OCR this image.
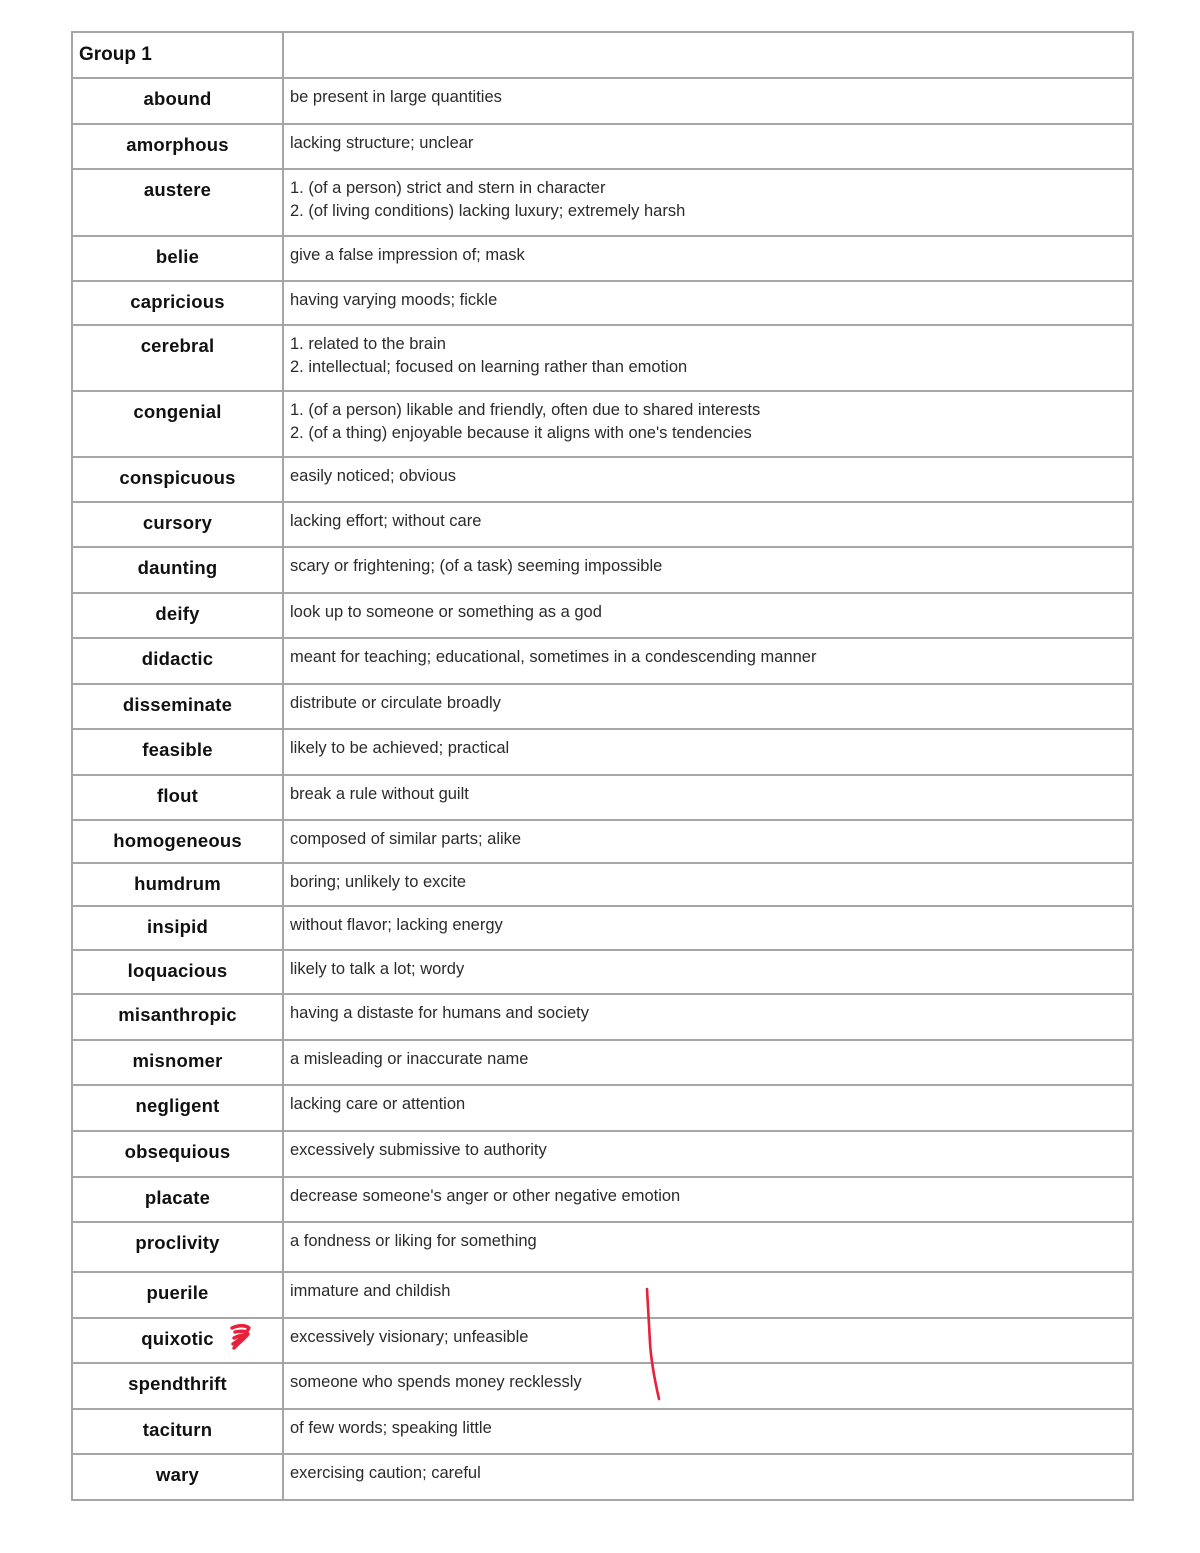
Group 1	

abound	be present in large quantities

amorphous	lacking structure; unclear

austere	1. (of a person) strict and stern in character
2. (of living conditions) lacking luxury; extremely harsh

belie	give a false impression of; mask

capricious	having varying moods; fickle

cerebral	1. related to the brain
2. intellectual; focused on learning rather than emotion

congenial	1. (of a person) likable and friendly, often due to shared interests
2. (of a thing) enjoyable because it aligns with one's tendencies

conspicuous	easily noticed; obvious

cursory	lacking effort; without care

daunting	scary or frightening; (of a task) seeming impossible

deify	look up to someone or something as a god

didactic	meant for teaching; educational, sometimes in a condescending manner

disseminate	distribute or circulate broadly

feasible	likely to be achieved; practical

flout	break a rule without guilt

homogeneous	composed of similar parts; alike

humdrum	boring; unlikely to excite

insipid	without flavor; lacking energy

loquacious	likely to talk a lot; wordy

misanthropic	having a distaste for humans and society

misnomer	a misleading or inaccurate name

negligent	lacking care or attention

obsequious	excessively submissive to authority

placate	decrease someone's anger or other negative emotion

proclivity	a fondness or liking for something

puerile	immature and childish

quixotic	excessively visionary; unfeasible

spendthrift	someone who spends money recklessly

taciturn	of few words; speaking little

wary	exercising caution; careful
